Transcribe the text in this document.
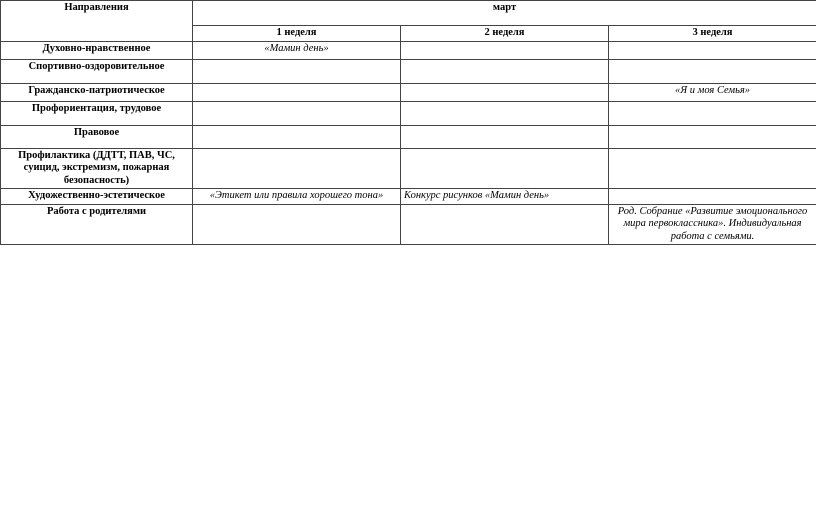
Направления	март		
	1 неделя	2 неделя	3 неделя
Духовно-нравственное	«Мамин день»		
Спортивно-оздоровительное			
Гражданско-патриотическое			«Я и моя Семья»
Профориентация, трудовое			
Правовое			
Профилактика (ДДТТ, ПАВ, ЧС, суицид, экстремизм, пожарная безопасность)			
Художественно-эстетическое	«Этикет или правила хорошего тона»	Конкурс рисунков «Мамин день»	
Работа с родителями			Род. Собрание «Развитие эмоционального мира первоклассника». Индивидуальная работа с семьями.
